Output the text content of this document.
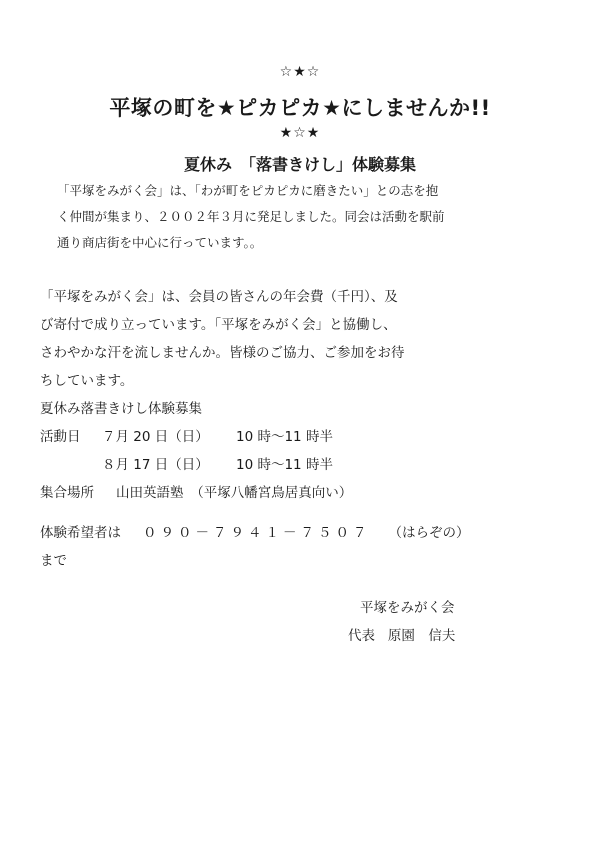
☆★☆
平塚の町を★ピカピカ★にしませんか!!
★☆★
夏休み　「落書きけし」体験募集
「平塚をみがく会」は、「わが町をピカピカに磨きたい」との志を抱
く仲間が集まり、２００２年３月に発足しました。同会は活動を駅前
通り商店街を中心に行っています。。
「平塚をみがく会」は、会員の皆さんの年会費（千円）、及
び寄付で成り立っています。「平塚をみがく会」と協働し、
さわやかな汗を流しませんか。皆様のご協力、ご参加をお待
ちしています。
夏休み落書きけし体験募集
活動日 ７月 20 日（日） 10 時〜11 時半
８月 17 日（日） 10 時〜11 時半
集合場所 山田英語塾　（平塚八幡宮鳥居真向い）
体験希望者は ０９０－７９４１－７５０７ （はらぞの）
まで
平塚をみがく会
代表 原園　信夫
